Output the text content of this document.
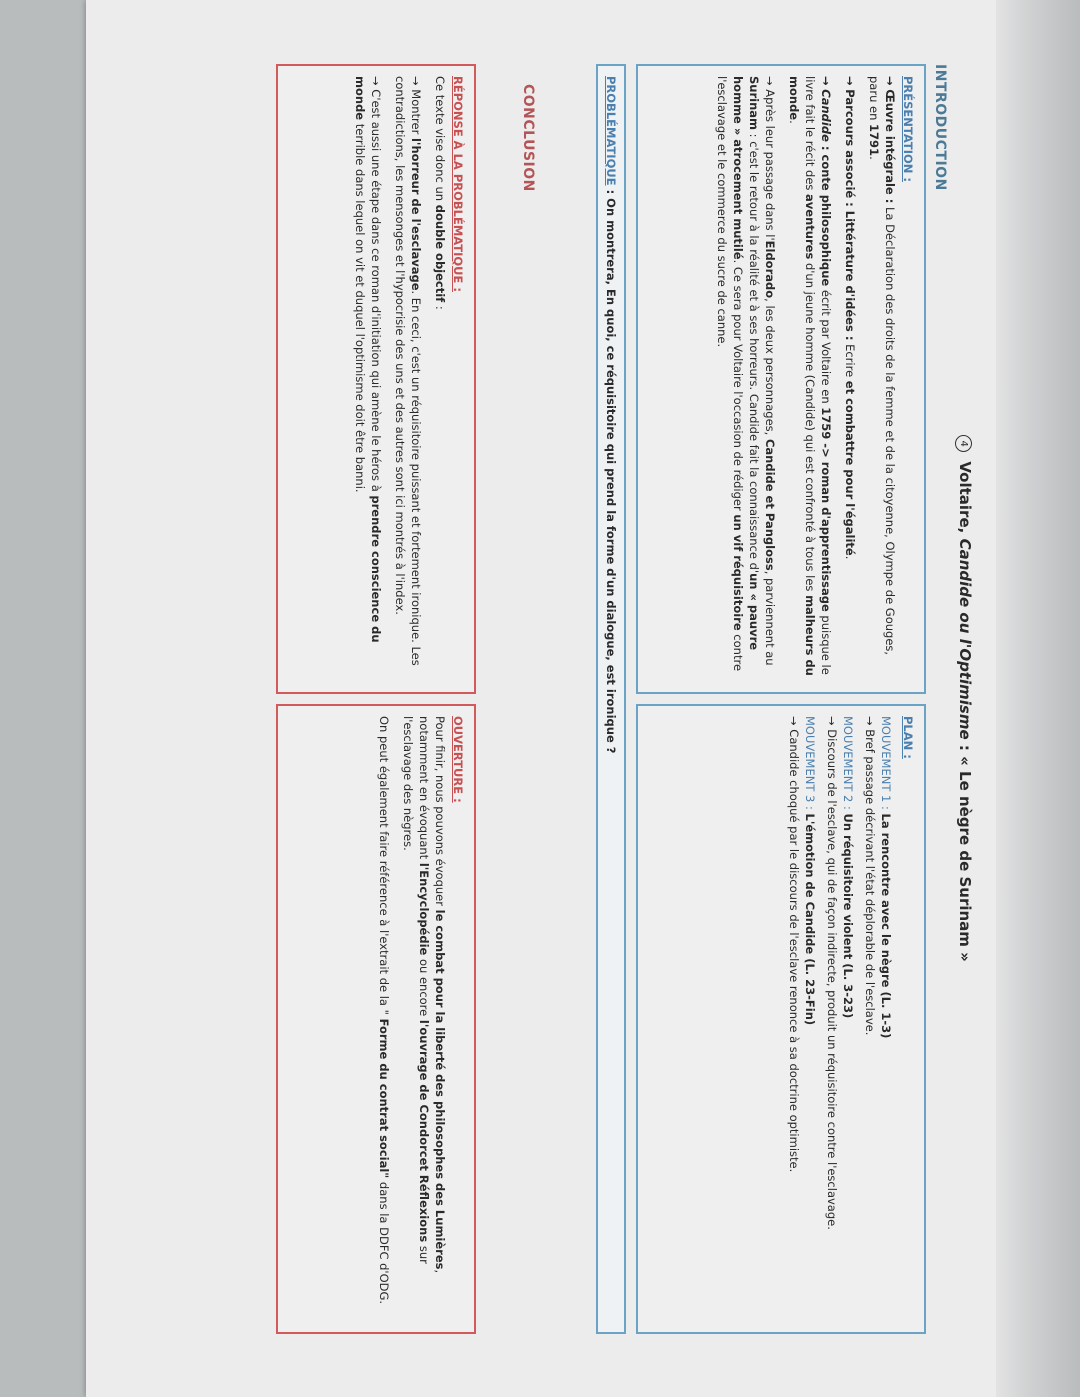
4 Voltaire, Candide ou l'Optimisme : « Le nègre de Surinam »
INTRODUCTION
PRÉSENTATION :

→ Œuvre intégrale : La Déclaration des droits de la femme et de la citoyenne, Olympe de Gouges, paru en 1791.

→ Parcours associé : Littérature d'idées : Ecrire et combattre pour l'égalité.

→ Candide : conte philosophique écrit par Voltaire en 1759 -> roman d'apprentissage puisque le livre fait le récit des aventures d'un jeune homme (Candide) qui est confronté à tous les malheurs du monde.

→ Après leur passage dans l'Eldorado, les deux personnages, Candide et Pangloss, parviennent au Surinam : c'est le retour à la réalité et à ses horreurs. Candide fait la connaissance d'un « pauvre homme » atrocement mutilé. Ce sera pour Voltaire l'occasion de rédiger un vif réquisitoire contre l'esclavage et le commerce du sucre de canne.

PLAN :
MOUVEMENT 1 : La rencontre avec le nègre (L. 1-3)
→ Bref passage décrivant l'état déplorable de l'esclave.
MOUVEMENT 2 : Un réquisitoire violent (L. 3-23)
→ Discours de l'esclave, qui de façon indirecte, produit un réquisitoire contre l'esclavage.
MOUVEMENT 3 : L'émotion de Candide (L. 23-Fin)
→ Candide choqué par le discours de l'esclave renonce à sa doctrine optimiste.
PROBLÉMATIQUE : On montrera, En quoi, ce réquisitoire qui prend la forme d'un dialogue, est ironique ?
CONCLUSION
RÉPONSE À LA PROBLÉMATIQUE :

Ce texte vise donc un double objectif :

→ Montrer l'horreur de l'esclavage. En ceci, c'est un réquisitoire puissant et fortement ironique. Les contradictions, les mensonges et l'hypocrisie des uns et des autres sont ici montrés à l'index.

→ C'est aussi une étape dans ce roman d'initiation qui amène le héros à prendre conscience du monde terrible dans lequel on vit et duquel l'optimisme doit être banni.

OUVERTURE :

Pour finir, nous pouvons évoquer le combat pour la liberté des philosophes des Lumières, notamment en évoquant l'Encyclopédie ou encore l'ouvrage de Condorcet Réflexions sur l'esclavage des nègres.

On peut également faire référence à l'extrait de la " Forme du contrat social" dans la DDFC d'ODG.
